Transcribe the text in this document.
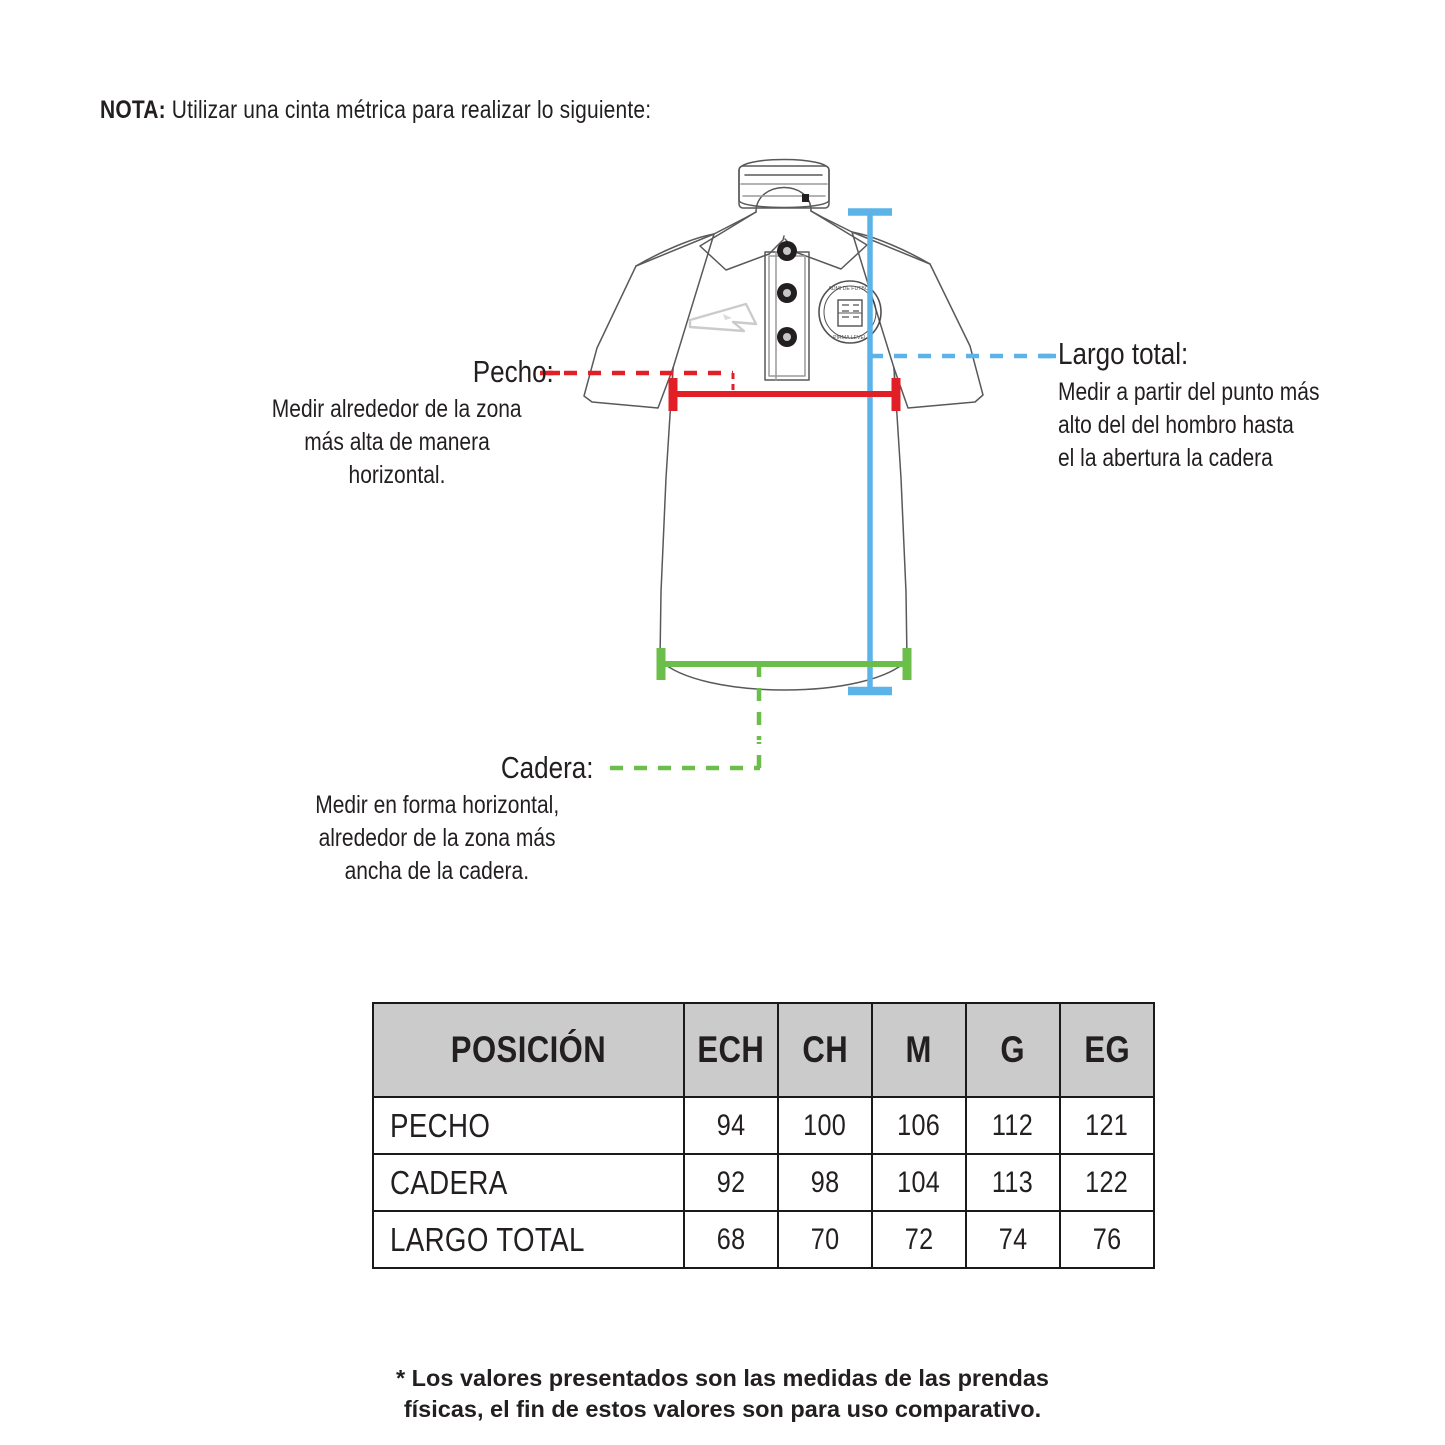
NOTA: Utilizar una cinta métrica para realizar lo siguiente:
ADMI DE FUTBOL
PIRMA LEVEL
Pecho:
Medir alrededor de la zona
más alta de manera horizontal.
Largo total:
Medir a partir del punto más
alto del del hombro hasta
el la abertura la cadera
Cadera:
Medir en forma horizontal,
alrededor de la zona más
ancha de la cadera.
POSICIÓN	ECH	CH	M	G	EG
PECHO	94	100	106	112	121
CADERA	92	98	104	113	122
LARGO TOTAL	68	70	72	74	76
* Los valores presentados son las medidas de las prendas
físicas, el fin de estos valores son para uso comparativo.
